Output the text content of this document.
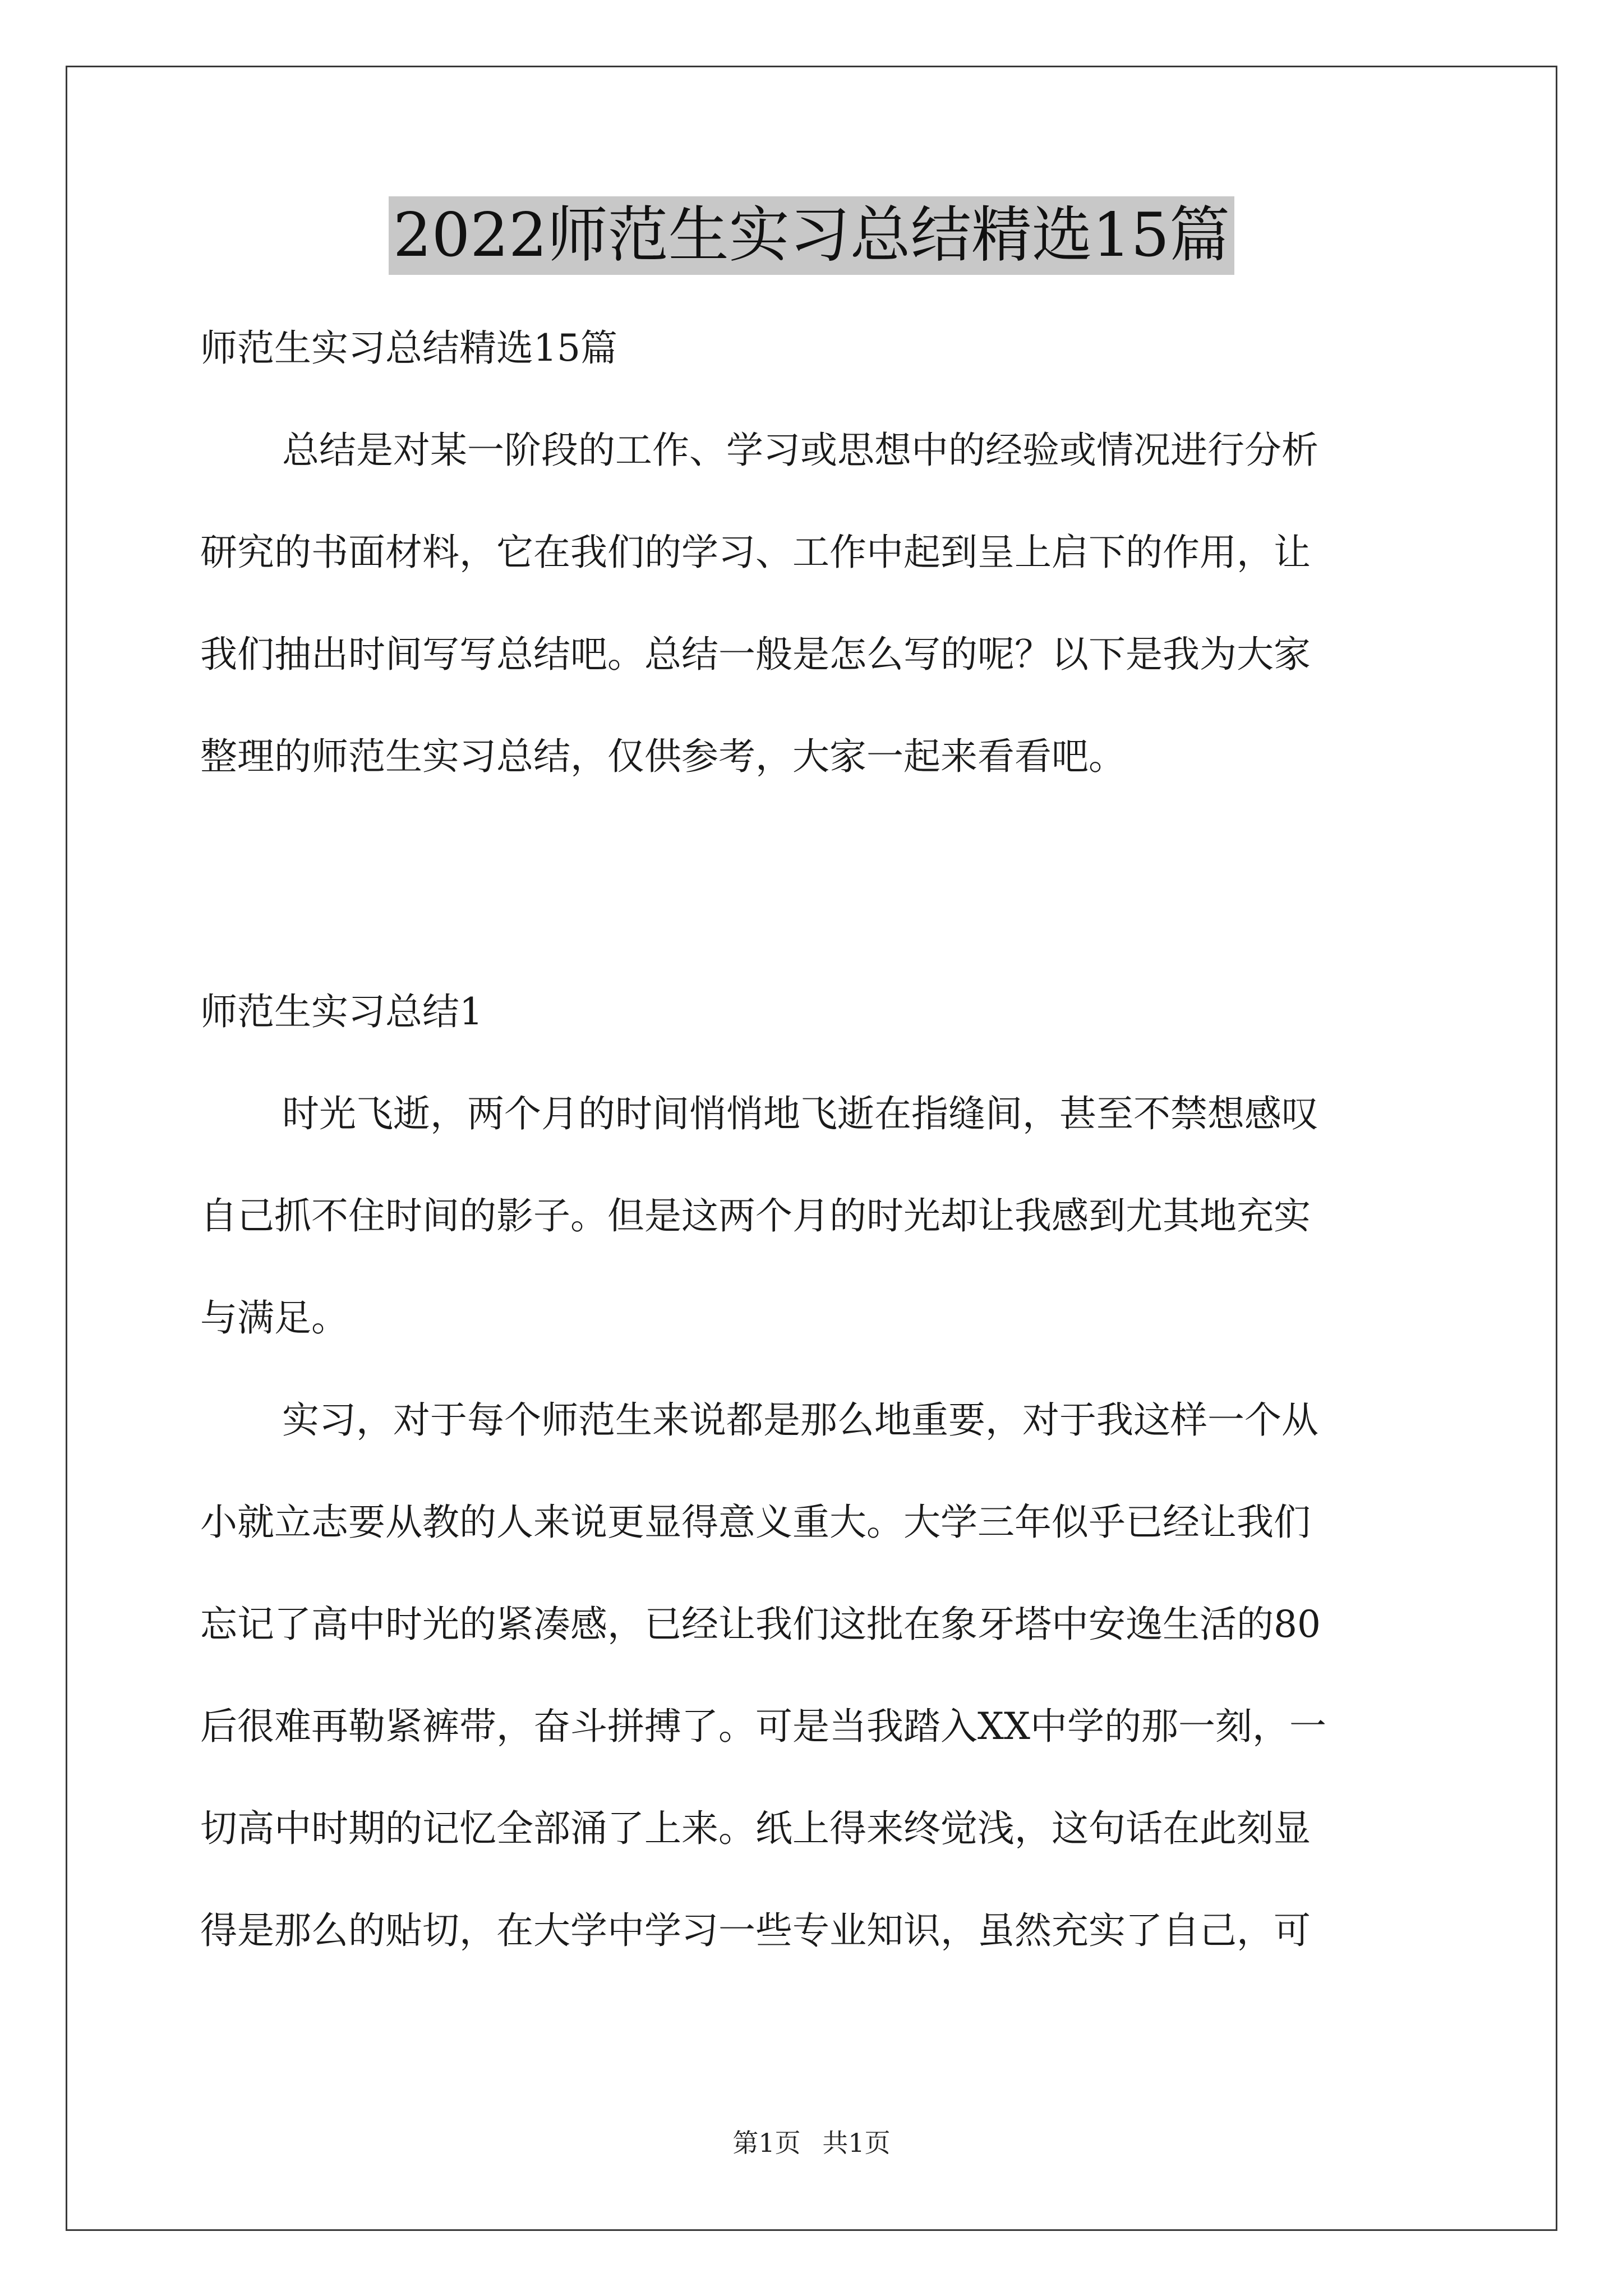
2022师范生实习总结精选15篇

师范生实习总结精选15篇

总结是对某一阶段的工作、学习或思想中的经验或情况进行分析
研究的书面材料，它在我们的学习、工作中起到呈上启下的作用，让
我们抽出时间写写总结吧。总结一般是怎么写的呢？以下是我为大家
整理的师范生实习总结，仅供参考，大家一起来看看吧。

师范生实习总结1

时光飞逝，两个月的时间悄悄地飞逝在指缝间，甚至不禁想感叹
自己抓不住时间的影子。但是这两个月的时光却让我感到尤其地充实
与满足。
实习，对于每个师范生来说都是那么地重要，对于我这样一个从
小就立志要从教的人来说更显得意义重大。大学三年似乎已经让我们
忘记了高中时光的紧凑感，已经让我们这批在象牙塔中安逸生活的80
后很难再勒紧裤带，奋斗拼搏了。可是当我踏入XX中学的那一刻，一
切高中时期的记忆全部涌了上来。纸上得来终觉浅，这句话在此刻显
得是那么的贴切，在大学中学习一些专业知识，虽然充实了自己，可
第1页 共1页
